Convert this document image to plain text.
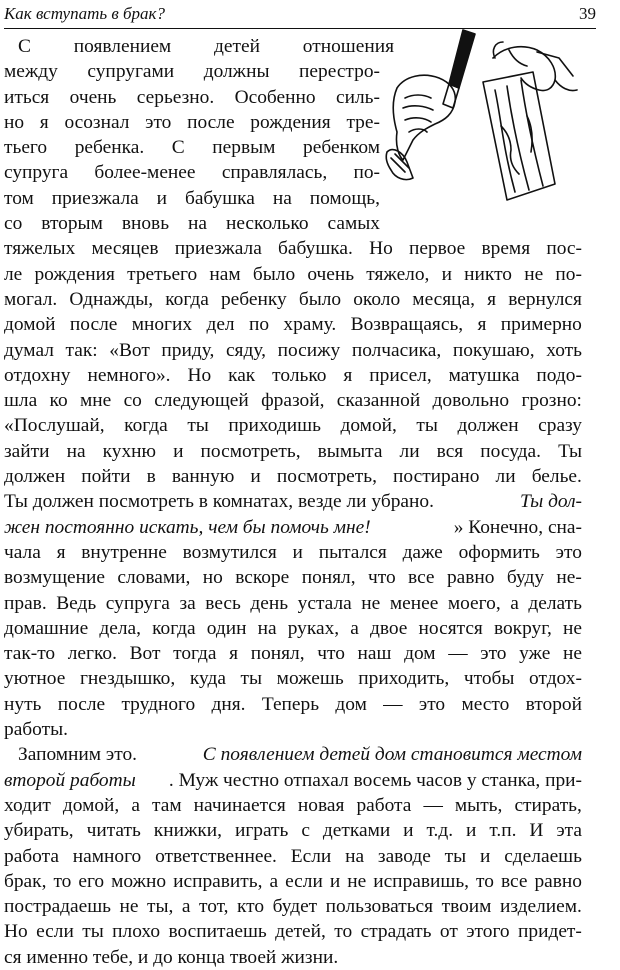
Как вступать в брак?	39
С появлением детей отношения
между супругами должны перестро-
иться очень серьезно. Особенно силь-
но я осознал это после рождения тре-
тьего ребенка. С первым ребенком
супруга более-менее справлялась, по-
том приезжала и бабушка на помощь,
со вторым вновь на несколько самых
тяжелых месяцев приезжала бабушка. Но первое время пос-
ле рождения третьего нам было очень тяжело, и никто не по-
могал. Однажды, когда ребенку было около месяца, я вернулся
домой после многих дел по храму. Возвращаясь, я примерно
думал так: «Вот приду, сяду, посижу полчасика, покушаю, хоть
отдохну немного». Но как только я присел, матушка подо-
шла ко мне со следующей фразой, сказанной довольно грозно:
«Послушай, когда ты приходишь домой, ты должен сразу
зайти на кухню и посмотреть, вымыта ли вся посуда. Ты
должен пойти в ванную и посмотреть, постирано ли белье.
Ты должен посмотреть в комнатах, везде ли убрано.	Ты дол-
жен постоянно искать, чем бы помочь мне!	» Конечно, сна-
чала я внутренне возмутился и пытался даже оформить это
возмущение словами, но вскоре понял, что все равно буду не-
прав. Ведь супруга за весь день устала не менее моего, а делать
домашние дела, когда один на руках, а двое носятся вокруг, не
так-то легко. Вот тогда я понял, что наш дом — это уже не
уютное гнездышко, куда ты можешь приходить, чтобы отдох-
нуть после трудного дня. Теперь дом — это место второй
работы.
Запомним это.	С появлением детей дом становится местом
второй работы . Муж честно отпахал восемь часов у станка, при-
ходит домой, а там начинается новая работа — мыть, стирать,
убирать, читать книжки, играть с детками и т.д. и т.п. И эта
работа намного ответственнее. Если на заводе ты и сделаешь
брак, то его можно исправить, а если и не исправишь, то все равно
пострадаешь не ты, а тот, кто будет пользоваться твоим изделием.
Но если ты плохо воспитаешь детей, то страдать от этого придет-
ся именно тебе, и до конца твоей жизни.
